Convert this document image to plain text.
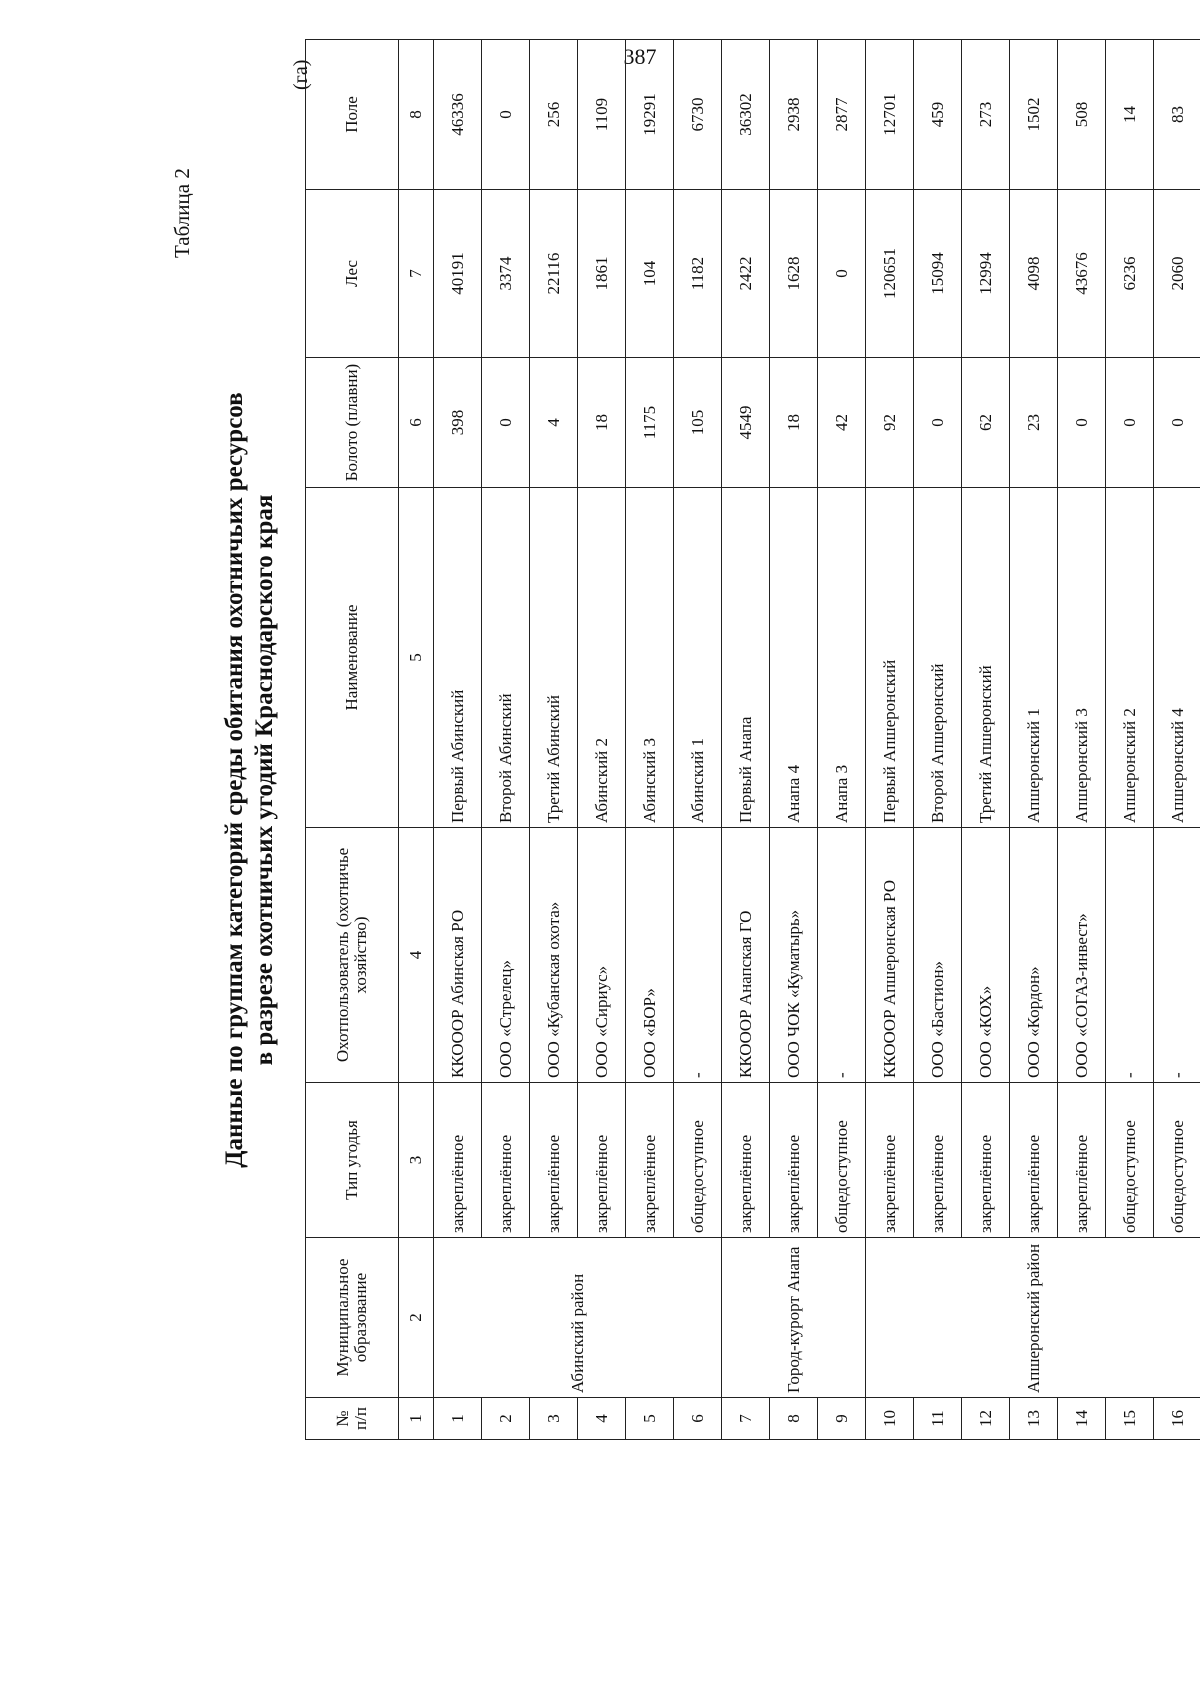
387
Таблица 2
Данные по группам категорий среды обитания охотничьих ресурсов в разрезе охотничьих угодий Краснодарского края
(га)
№ п/п	Муниципальное образование	Тип угодья	Охотпользователь (охотничье хозяйство)	Наименование	Болото (плавни)	Лес	Поле
1	2	3	4	5	6	7	8
1	Абинский район	закреплённое	ККОООР Абинская РО	Первый Абинский	398	40191	46336
2		закреплённое	ООО «Стрелец»	Второй Абинский	0	3374	0
3		закреплённое	ООО «Кубанская охота»	Третий Абинский	4	22116	256
4		закреплённое	ООО «Сириус»	Абинский 2	18	1861	1109
5		закреплённое	ООО «БОР»	Абинский 3	1175	104	19291
6		общедоступное	-	Абинский 1	105	1182	6730
7	Город-курорт Анапа	закреплённое	ККОООР Анапская ГО	Первый Анапа	4549	2422	36302
8		закреплённое	ООО ЧОК «Куматырь»	Анапа 4	18	1628	2938
9		общедоступное	-	Анапа 3	42	0	2877
10	Апшеронский район	закреплённое	ККОООР Апшеронская РО	Первый Апшеронский	92	120651	12701
11		закреплённое	ООО «Бастион»	Второй Апшеронский	0	15094	459
12		закреплённое	ООО «КОХ»	Третий Апшеронский	62	12994	273
13		закреплённое	ООО «Кордон»	Апшеронский 1	23	4098	1502
14		закреплённое	ООО «СОГАЗ-инвест»	Апшеронский 3	0	43676	508
15		общедоступное	-	Апшеронский 2	0	6236	14
16		общедоступное	-	Апшеронский 4	0	2060	83
